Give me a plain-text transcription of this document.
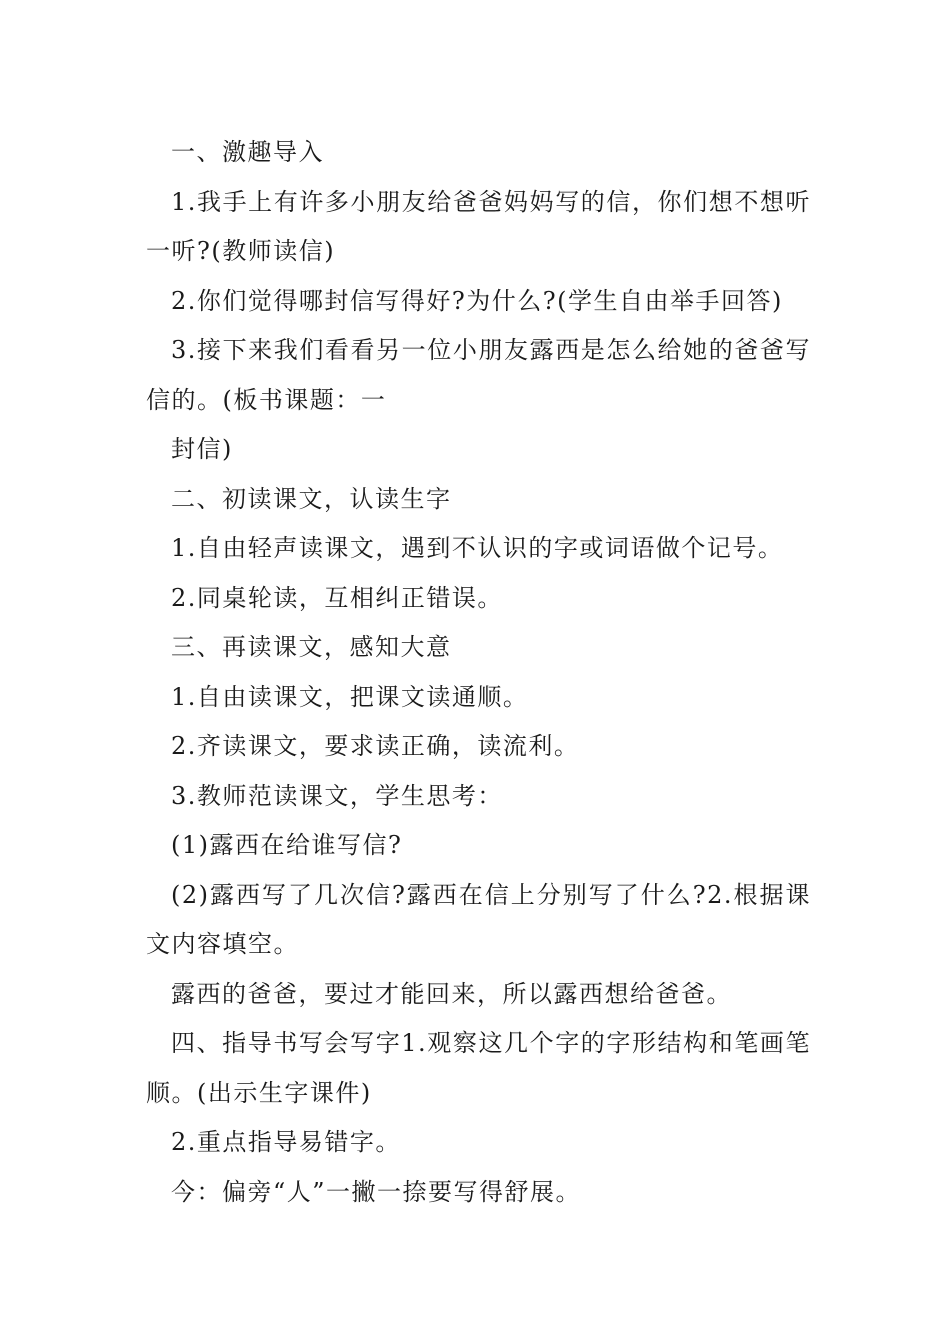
一、激趣导入

1.我手上有许多小朋友给爸爸妈妈写的信，你们想不想听一听?(教师读信)

2.你们觉得哪封信写得好?为什么?(学生自由举手回答)

3.接下来我们看看另一位小朋友露西是怎么给她的爸爸写信的。(板书课题：一

封信)

二、初读课文，认读生字

1.自由轻声读课文，遇到不认识的字或词语做个记号。

2.同桌轮读，互相纠正错误。

三、再读课文，感知大意

1.自由读课文，把课文读通顺。

2.齐读课文，要求读正确，读流利。

3.教师范读课文，学生思考：

(1)露西在给谁写信?

(2)露西写了几次信?露西在信上分别写了什么?2.根据课文内容填空。

露西的爸爸，要过才能回来，所以露西想给爸爸。

四、指导书写会写字1.观察这几个字的字形结构和笔画笔顺。(出示生字课件)

2.重点指导易错字。

今：偏旁“人”一撇一捺要写得舒展。
